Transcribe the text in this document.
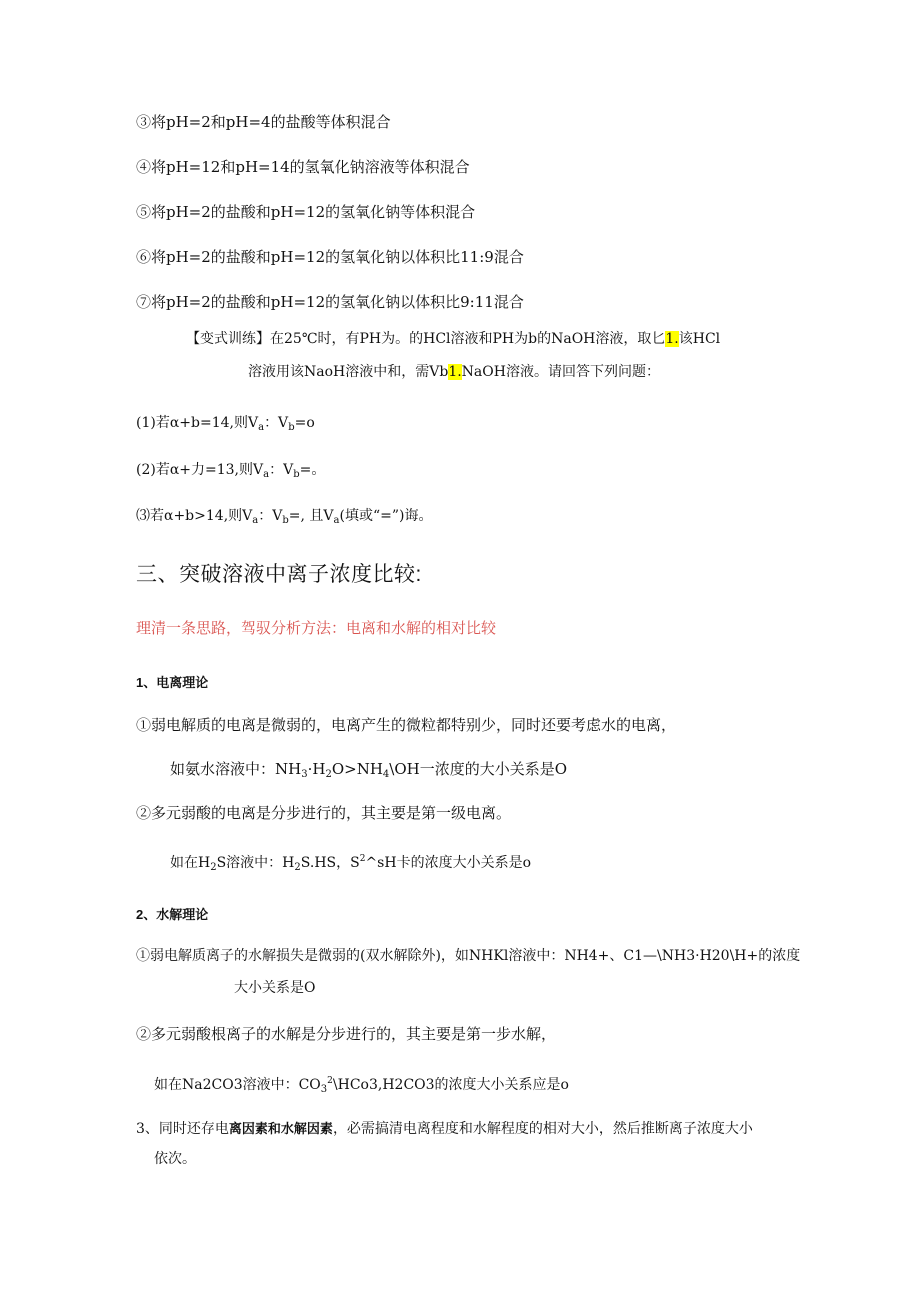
③将pH=2和pH=4的盐酸等体积混合
④将pH=12和pH=14的氢氧化钠溶液等体积混合
⑤将pH=2的盐酸和pH=12的氢氧化钠等体积混合
⑥将pH=2的盐酸和pH=12的氢氧化钠以体积比11:9混合
⑦将pH=2的盐酸和pH=12的氢氧化钠以体积比9:11混合
【变式训练】在25℃时，有PH为。的HCl溶液和PH为b的NaOH溶液，取匕1.该HCl
溶液用该NaoH溶液中和，需Vb1.NaOH溶液。请回答下列问题：
(1)若α+b=14,则$V_a$：$V_b=o$
(2)若α+力=13,则$V_a$：$V_b=$。
⑶若α+b>14,则$V_a$：$V_b=$, 且$V_a$(填或“=”)诲。
三、突破溶液中离子浓度比较:
理清一条思路，驾驭分析方法：电离和水解的相对比较
1、电离理论
①弱电解质的电离是微弱的，电离产生的微粒都特别少，同时还要考虑水的电离，
如氨水溶液中：$NH_3\cdot H_2O>NH_4\backslash OH$一浓度的大小关系是O
②多元弱酸的电离是分步进行的，其主要是第一级电离。
如在$H_2S$溶液中：$H_2S.HS$，$S^2\^{}sH$卡的浓度大小关系是o
2、水解理论
①弱电解质离子的水解损失是微弱的(双水解除外)，如NHKl溶液中：NH4+、C1—\NH3·H20\H+的浓度
大小关系是O
②多元弱酸根离子的水解是分步进行的，其主要是第一步水解，
如在Na2CO3溶液中：$CO_3^2\backslash HCo3,H2CO3$的浓度大小关系应是o
3、同时还存电离因素和水解因素，必需搞清电离程度和水解程度的相对大小，然后推断离子浓度大小
依次。
